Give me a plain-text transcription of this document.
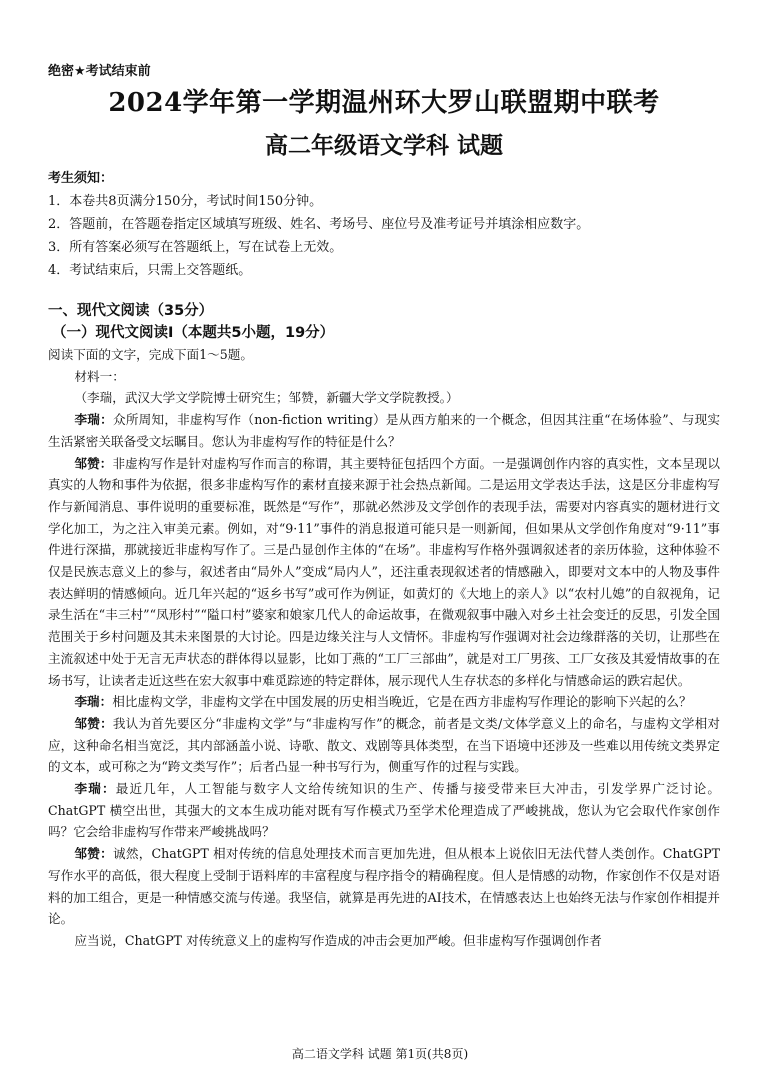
绝密★考试结束前

2024学年第一学期温州环大罗山联盟期中联考
高二年级语文学科 试题

考生须知：

1．本卷共8页满分150分，考试时间150分钟。
2．答题前，在答题卷指定区域填写班级、姓名、考场号、座位号及准考证号并填涂相应数字。
3．所有答案必须写在答题纸上，写在试卷上无效。
4．考试结束后，只需上交答题纸。

一、现代文阅读（35分）

（一）现代文阅读Ⅰ（本题共5小题，19分）

阅读下面的文字，完成下面1～5题。

材料一：

（李瑞，武汉大学文学院博士研究生；邹赞，新疆大学文学院教授。）

李瑞：众所周知，非虚构写作（non-fiction writing）是从西方舶来的一个概念，但因其注重“在场体验”、与现实生活紧密关联备受文坛瞩目。您认为非虚构写作的特征是什么？

邹赞：非虚构写作是针对虚构写作而言的称谓，其主要特征包括四个方面。一是强调创作内容的真实性，文本呈现以真实的人物和事件为依据，很多非虚构写作的素材直接来源于社会热点新闻。二是运用文学表达手法，这是区分非虚构写作与新闻消息、事件说明的重要标准，既然是“写作”，那就必然涉及文学创作的表现手法，需要对内容真实的题材进行文学化加工，为之注入审美元素。例如，对“9·11”事件的消息报道可能只是一则新闻，但如果从文学创作角度对“9·11”事件进行深描，那就接近非虚构写作了。三是凸显创作主体的“在场”。非虚构写作格外强调叙述者的亲历体验，这种体验不仅是民族志意义上的参与，叙述者由“局外人”变成“局内人”，还注重表现叙述者的情感融入，即要对文本中的人物及事件表达鲜明的情感倾向。近几年兴起的“返乡书写”或可作为例证，如黄灯的《大地上的亲人》以“农村儿媳”的自叙视角，记录生活在“丰三村”“凤形村”“隘口村”婆家和娘家几代人的命运故事，在微观叙事中融入对乡土社会变迁的反思，引发全国范围关于乡村问题及其未来图景的大讨论。四是边缘关注与人文情怀。非虚构写作强调对社会边缘群落的关切，让那些在主流叙述中处于无言无声状态的群体得以显影，比如丁燕的“工厂三部曲”，就是对工厂男孩、工厂女孩及其爱情故事的在场书写，让读者走近这些在宏大叙事中难觅踪迹的特定群体，展示现代人生存状态的多样化与情感命运的跌宕起伏。

李瑞：相比虚构文学，非虚构文学在中国发展的历史相当晚近，它是在西方非虚构写作理论的影响下兴起的么？

邹赞：我认为首先要区分“非虚构文学”与“非虚构写作”的概念，前者是文类/文体学意义上的命名，与虚构文学相对应，这种命名相当宽泛，其内部涵盖小说、诗歌、散文、戏剧等具体类型，在当下语境中还涉及一些难以用传统文类界定的文本，或可称之为“跨文类写作”；后者凸显一种书写行为，侧重写作的过程与实践。

李瑞：最近几年，人工智能与数字人文给传统知识的生产、传播与接受带来巨大冲击，引发学界广泛讨论。ChatGPT 横空出世，其强大的文本生成功能对既有写作模式乃至学术伦理造成了严峻挑战，您认为它会取代作家创作吗？它会给非虚构写作带来严峻挑战吗？

邹赞：诚然，ChatGPT 相对传统的信息处理技术而言更加先进，但从根本上说依旧无法代替人类创作。ChatGPT 写作水平的高低，很大程度上受制于语料库的丰富程度与程序指令的精确程度。但人是情感的动物，作家创作不仅是对语料的加工组合，更是一种情感交流与传递。我坚信，就算是再先进的AI技术，在情感表达上也始终无法与作家创作相提并论。

应当说，ChatGPT 对传统意义上的虚构写作造成的冲击会更加严峻。但非虚构写作强调创作者

高二语文学科 试题 第1页(共8页)
